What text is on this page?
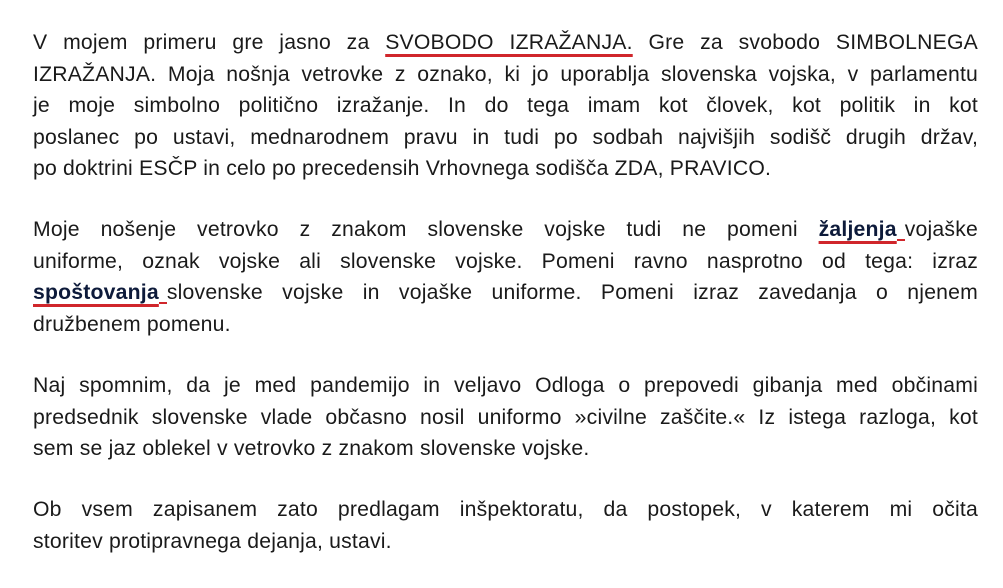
V mojem primeru gre jasno za SVOBODO IZRAŽANJA. Gre za svobodo SIMBOLNEGA
IZRAŽANJA. Moja nošnja vetrovke z oznako, ki jo uporablja slovenska vojska, v parlamentu
je moje simbolno politično izražanje. In do tega imam kot človek, kot politik in kot
poslanec po ustavi, mednarodnem pravu in tudi po sodbah najvišjih sodišč drugih držav,
po doktrini ESČP in celo po precedensih Vrhovnega sodišča ZDA, PRAVICO.

Moje nošenje vetrovko z znakom slovenske vojske tudi ne pomeni žaljenja vojaške
uniforme, oznak vojske ali slovenske vojske. Pomeni ravno nasprotno od tega: izraz
spoštovanja slovenske vojske in vojaške uniforme. Pomeni izraz zavedanja o njenem
družbenem pomenu.

Naj spomnim, da je med pandemijo in veljavo Odloga o prepovedi gibanja med občinami
predsednik slovenske vlade občasno nosil uniformo »civilne zaščite.« Iz istega razloga, kot
sem se jaz oblekel v vetrovko z znakom slovenske vojske.

Ob vsem zapisanem zato predlagam inšpektoratu, da postopek, v katerem mi očita
storitev protipravnega dejanja, ustavi.
